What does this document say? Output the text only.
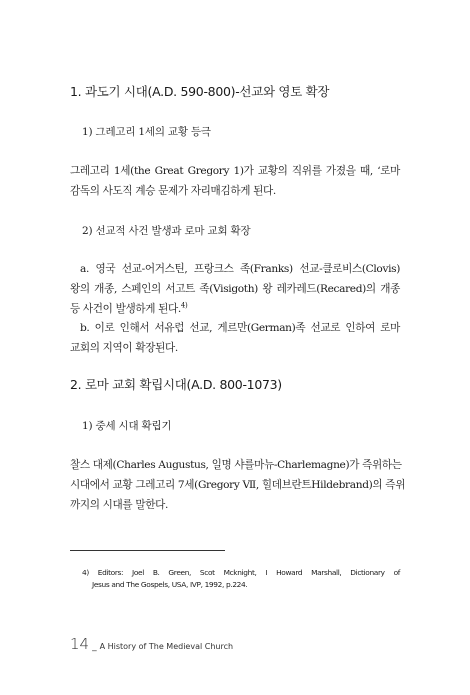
1. 과도기 시대(A.D. 590-800)-선교와 영토 확장
1) 그레고리 1세의 교황 등극
그레고리 1세(the Great Gregory 1)가 교황의 직위를 가졌을 때, ‘로마
감독의 사도직 계승 문제가 자리매김하게 된다.
2) 선교적 사건 발생과 로마 교회 확장
a. 영국 선교-어거스틴, 프랑크스 족(Franks) 선교-클로비스(Clovis)
왕의 개종, 스페인의 서고트 족(Visigoth) 왕 레카레드(Recared)의 개종
등 사건이 발생하게 된다.$^{4)}$
b. 이로 인해서 서유럽 선교, 게르만(German)족 선교로 인하여 로마
교회의 지역이 확장된다.
2. 로마 교회 확립시대(A.D. 800-1073)
1) 중세 시대 확립기
찰스 대제(Charles Augustus, 일명 샤를마뉴-Charlemagne)가 즉위하는
시대에서 교황 그레고리 7세(Gregory Ⅶ, 힐데브란트Hildebrand)의 즉위
까지의 시대를 말한다.
4) Editors: Joel B. Green, Scot Mcknight, I Howard Marshall, Dictionary of
Jesus and The Gospels, USA, IVP, 1992, p.224.
14 _ A History of The Medieval Church
